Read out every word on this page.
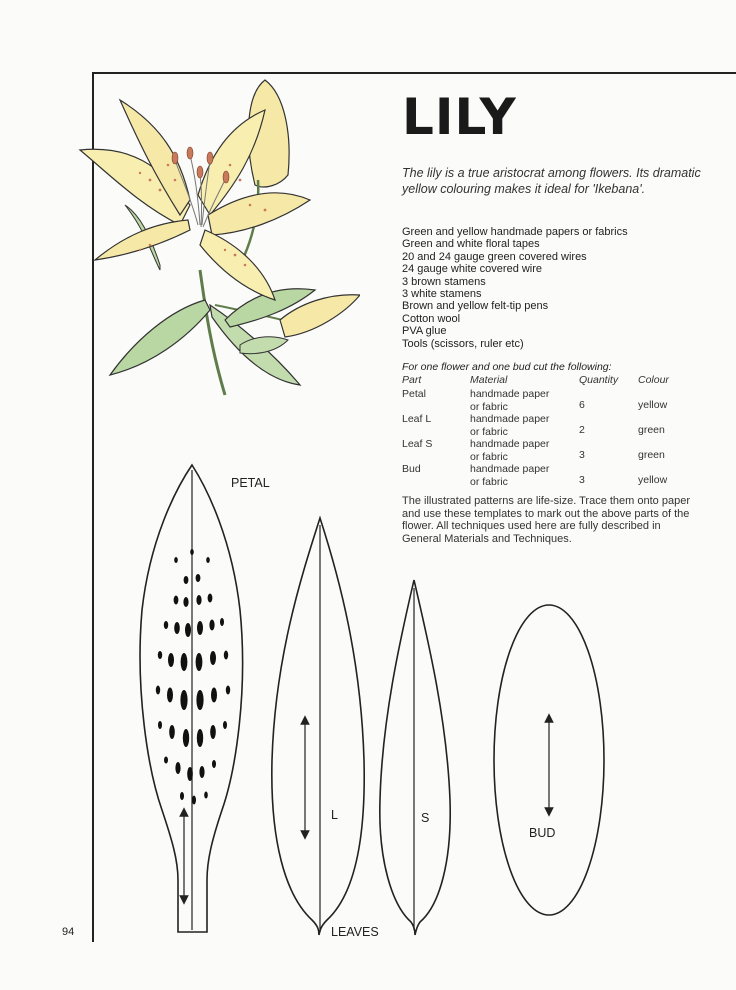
LILY
The lily is a true aristocrat among flowers. Its dramatic yellow colouring makes it ideal for 'Ikebana'.
Green and yellow handmade papers or fabrics
Green and white floral tapes
20 and 24 gauge green covered wires
24 gauge white covered wire
3 brown stamens
3 white stamens
Brown and yellow felt-tip pens
Cotton wool
PVA glue
Tools (scissors, ruler etc)
For one flower and one bud cut the following:
Part	Material	Quantity Colour
Petal	handmade paper
or fabric	6	yellow
Leaf L	handmade paper
or fabric	2	green
Leaf S	handmade paper
or fabric	3	green
Bud	handmade paper
or fabric	3	yellow
The illustrated patterns are life-size. Trace them onto paper and use these templates to mark out the above parts of the flower. All techniques used here are fully described in General Materials and Techniques.
PETAL
L	S
BUD
LEAVES
94
